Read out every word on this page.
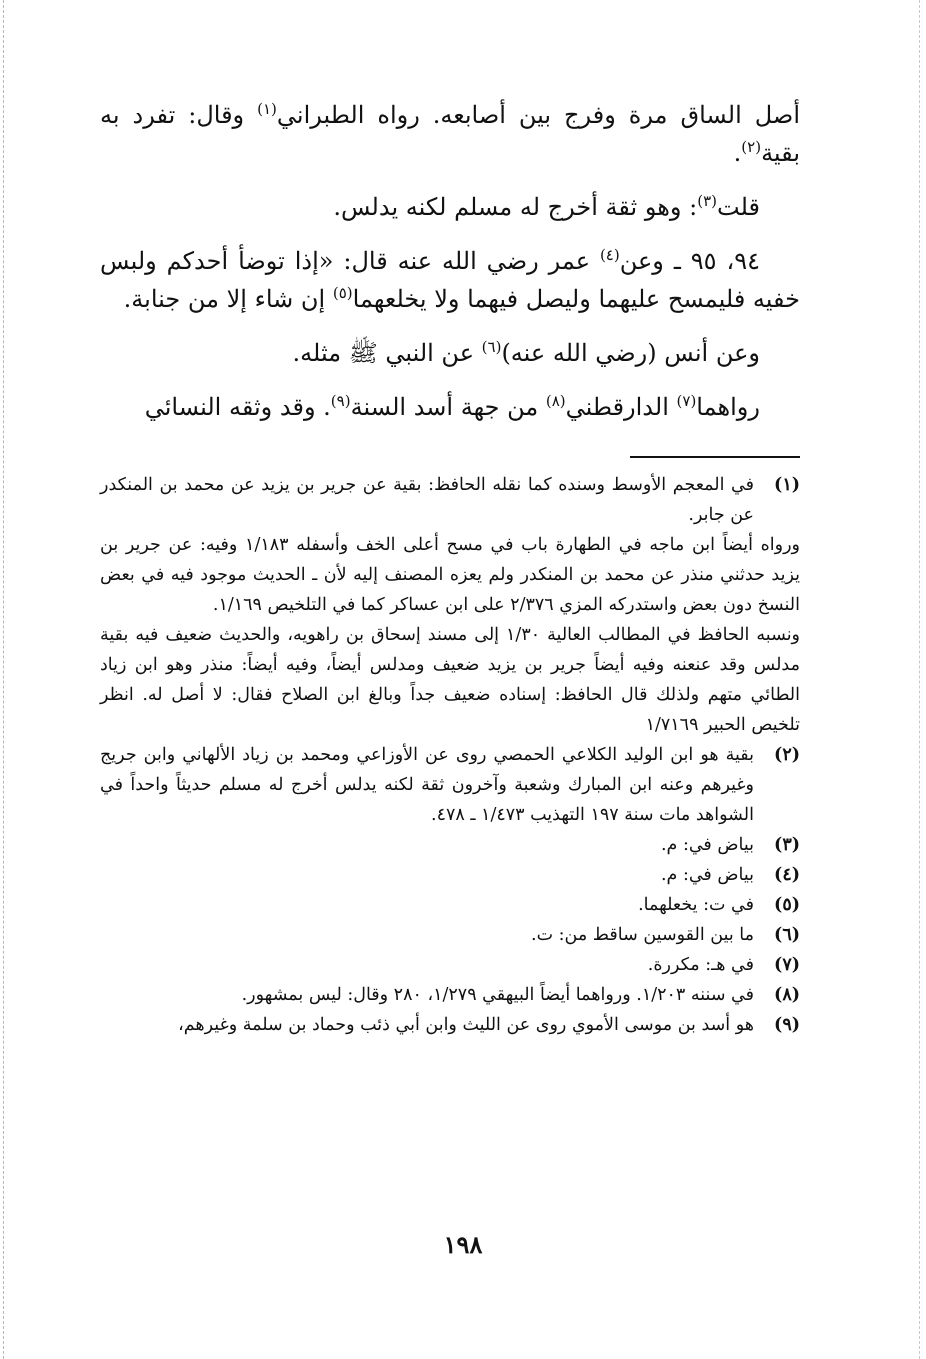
أصل الساق مرة وفرج بين أصابعه. رواه الطبراني$^{(١)}$ وقال: تفرد به بقية$^{(٢)}$.

قلت$^{(٣)}$: وهو ثقة أخرج له مسلم لكنه يدلس.

٩٤، ٩٥ ـ وعن$^{(٤)}$ عمر رضي الله عنه قال: «إذا توضأ أحدكم ولبس خفيه فليمسح عليهما وليصل فيهما ولا يخلعهما$^{(٥)}$ إن شاء إلا من جنابة.

وعن أنس (رضي الله عنه)$^{(٦)}$ عن النبي ﷺ مثله.

رواهما$^{(٧)}$ الدارقطني$^{(٨)}$ من جهة أسد السنة$^{(٩)}$. وقد وثقه النسائي

(١)

في المعجم الأوسط وسنده كما نقله الحافظ: بقية عن جرير بن يزيد عن محمد بن المنكدر عن جابر.

ورواه أيضاً ابن ماجه في الطهارة باب في مسح أعلى الخف وأسفله ١/١٨٣ وفيه: عن جرير بن يزيد حدثني منذر عن محمد بن المنكدر ولم يعزه المصنف إليه لأن ـ الحديث موجود فيه في بعض النسخ دون بعض واستدركه المزي ٢/٣٧٦ على ابن عساكر كما في التلخيص ١/١٦٩.

ونسبه الحافظ في المطالب العالية ١/٣٠ إلى مسند إسحاق بن راهويه، والحديث ضعيف فيه بقية مدلس وقد عنعنه وفيه أيضاً جرير بن يزيد ضعيف ومدلس أيضاً، وفيه أيضاً: منذر وهو ابن زياد الطائي متهم ولذلك قال الحافظ: إسناده ضعيف جداً وبالغ ابن الصلاح فقال: لا أصل له. انظر تلخيص الحبير ١/٧١٦٩

(٢)

بقية هو ابن الوليد الكلاعي الحمصي روى عن الأوزاعي ومحمد بن زياد الألهاني وابن جريج وغيرهم وعنه ابن المبارك وشعبة وآخرون ثقة لكنه يدلس أخرج له مسلم حديثاً واحداً في الشواهد مات سنة ١٩٧ التهذيب ١/٤٧٣ ـ ٤٧٨.

(٣)

بياض في: م.

(٤)

بياض في: م.

(٥)

في ت: يخعلهما.

(٦)

ما بين القوسين ساقط من: ت.

(٧)

في هـ: مكررة.

(٨)

في سننه ١/٢٠٣. ورواهما أيضاً البيهقي ١/٢٧٩، ٢٨٠ وقال: ليس بمشهور.

(٩)

هو أسد بن موسى الأموي روى عن الليث وابن أبي ذئب وحماد بن سلمة وغيرهم،

١٩٨
